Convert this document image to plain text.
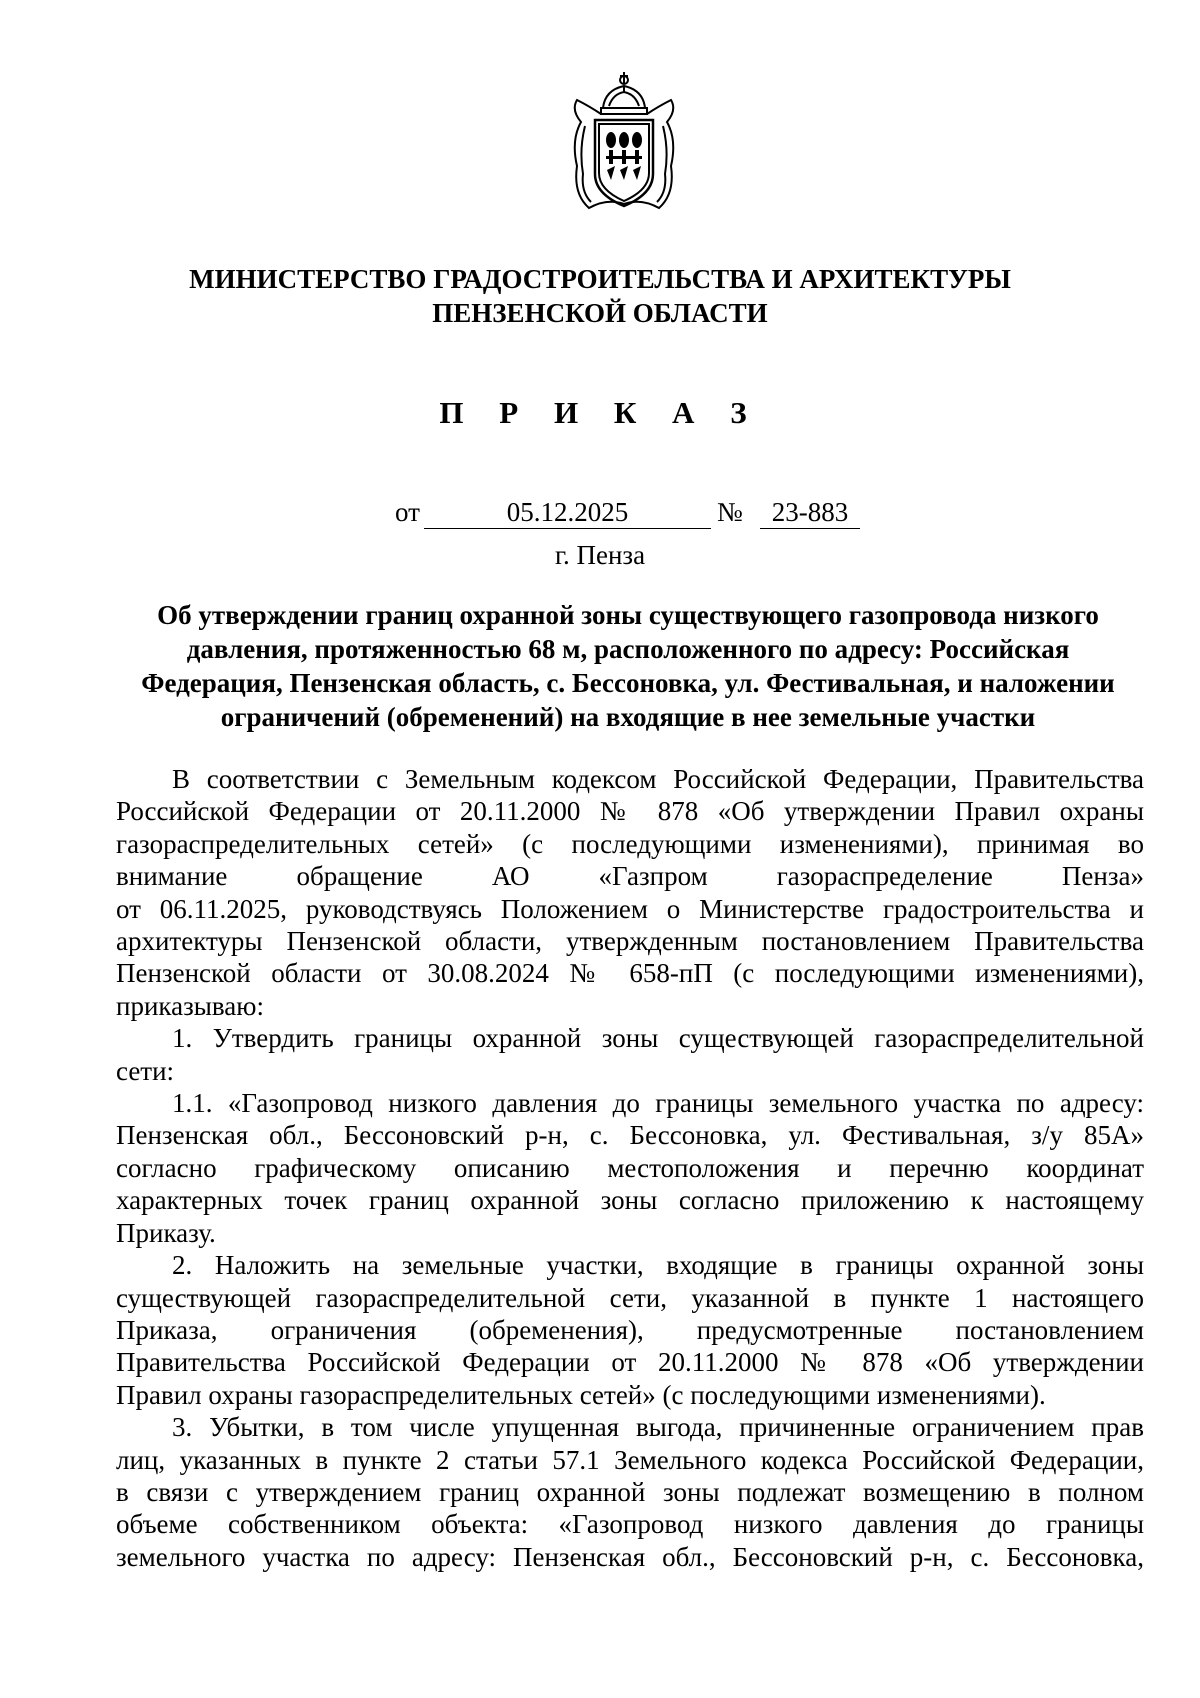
МИНИСТЕРСТВО ГРАДОСТРОИТЕЛЬСТВА И АРХИТЕКТУРЫ
ПЕНЗЕНСКОЙ ОБЛАСТИ
П Р И К А З
от	05.12.2025	№	23-883
г. Пенза
Об утверждении границ охранной зоны существующего газопровода низкого
давления, протяженностью 68 м, расположенного по адресу: Российская
Федерация, Пензенская область, с. Бессоновка, ул. Фестивальная, и наложении
ограничений (обременений) на входящие в нее земельные участки
В соответствии с Земельным кодексом Российской Федерации, Правительства
Российской Федерации от 20.11.2000 № 878 «Об утверждении Правил охраны
газораспределительных сетей» (с последующими изменениями), принимая во
внимание обращение АО «Газпром газораспределение Пенза»
от 06.11.2025, руководствуясь Положением о Министерстве градостроительства и
архитектуры Пензенской области, утвержденным постановлением Правительства
Пензенской области от 30.08.2024 № 658-пП (с последующими изменениями),
приказываю:
1. Утвердить границы охранной зоны существующей газораспределительной
сети:
1.1. «Газопровод низкого давления до границы земельного участка по адресу:
Пензенская обл., Бессоновский р-н, с. Бессоновка, ул. Фестивальная, з/у 85А»
согласно графическому описанию местоположения и перечню координат
характерных точек границ охранной зоны согласно приложению к настоящему
Приказу.
2. Наложить на земельные участки, входящие в границы охранной зоны
существующей газораспределительной сети, указанной в пункте 1 настоящего
Приказа, ограничения (обременения), предусмотренные постановлением
Правительства Российской Федерации от 20.11.2000 № 878 «Об утверждении
Правил охраны газораспределительных сетей» (с последующими изменениями).
3. Убытки, в том числе упущенная выгода, причиненные ограничением прав
лиц, указанных в пункте 2 статьи 57.1 Земельного кодекса Российской Федерации,
в связи с утверждением границ охранной зоны подлежат возмещению в полном
объеме собственником объекта: «Газопровод низкого давления до границы
земельного участка по адресу: Пензенская обл., Бессоновский р-н, с. Бессоновка,
